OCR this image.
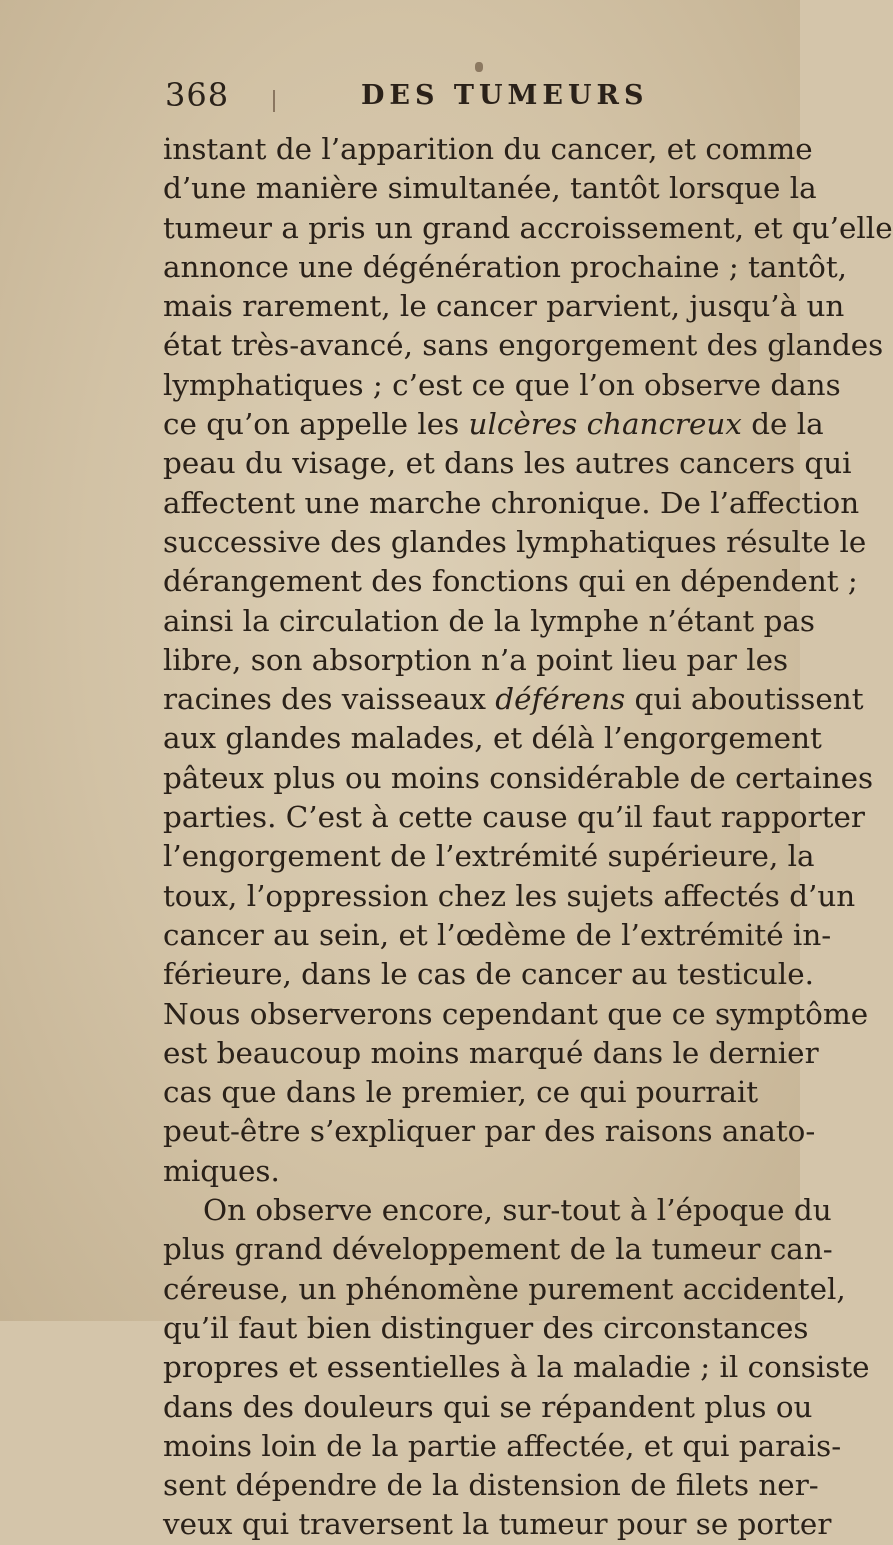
368	DES TUMEURS
instant de l’apparition du cancer, et comme
d’une manière simultanée, tantôt lorsque la
tumeur a pris un grand accroissement, et qu’elle
annonce une dégénération prochaine ; tantôt,
mais rarement, le cancer parvient, jusqu’à un
état très-avancé, sans engorgement des glandes
lymphatiques ; c’est ce que l’on observe dans
ce qu’on appelle les ulcères chancreux de la
peau du visage, et dans les autres cancers qui
affectent une marche chronique. De l’affection
successive des glandes lymphatiques résulte le
dérangement des fonctions qui en dépendent ;
ainsi la circulation de la lymphe n’étant pas
libre, son absorption n’a point lieu par les
racines des vaisseaux déférens qui aboutissent
aux glandes malades, et délà l’engorgement
pâteux plus ou moins considérable de certaines
parties. C’est à cette cause qu’il faut rapporter
l’engorgement de l’extrémité supérieure, la
toux, l’oppression chez les sujets affectés d’un
cancer au sein, et l’œdème de l’extrémité in-
férieure, dans le cas de cancer au testicule.
Nous observerons cependant que ce symptôme
est beaucoup moins marqué dans le dernier
cas que dans le premier, ce qui pourrait
peut-être s’expliquer par des raisons anato-
miques.
On observe encore, sur-tout à l’époque du
plus grand développement de la tumeur can-
céreuse, un phénomène purement accidentel,
qu’il faut bien distinguer des circonstances
propres et essentielles à la maladie ; il consiste
dans des douleurs qui se répandent plus ou
moins loin de la partie affectée, et qui parais-
sent dépendre de la distension de filets ner-
veux qui traversent la tumeur pour se porter
